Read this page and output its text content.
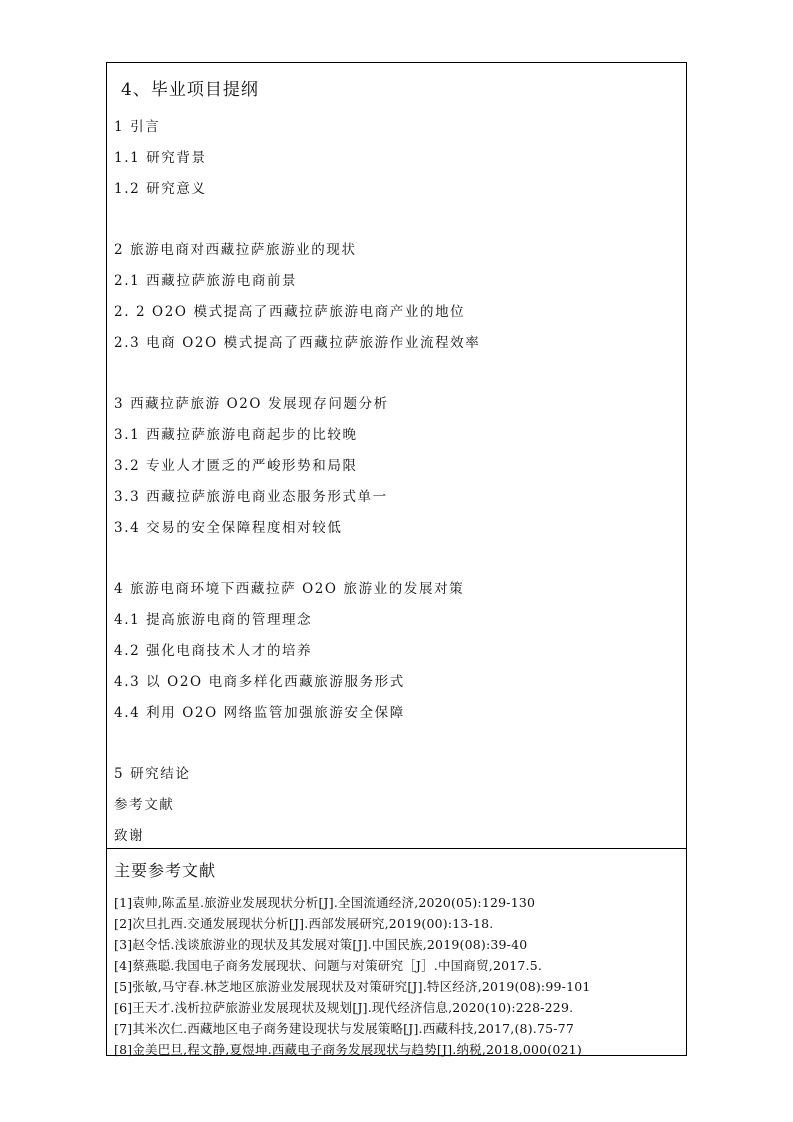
4、毕业项目提纲
1 引言
1.1 研究背景
1.2 研究意义
2 旅游电商对西藏拉萨旅游业的现状
2.1 西藏拉萨旅游电商前景
2. 2 O2O 模式提高了西藏拉萨旅游电商产业的地位
2.3 电商 O2O 模式提高了西藏拉萨旅游作业流程效率
3 西藏拉萨旅游 O2O 发展现存问题分析
3.1 西藏拉萨旅游电商起步的比较晚
3.2 专业人才匮乏的严峻形势和局限
3.3 西藏拉萨旅游电商业态服务形式单一
3.4 交易的安全保障程度相对较低
4 旅游电商环境下西藏拉萨 O2O 旅游业的发展对策
4.1 提高旅游电商的管理理念
4.2 强化电商技术人才的培养
4.3 以 O2O 电商多样化西藏旅游服务形式
4.4 利用 O2O 网络监管加强旅游安全保障
5 研究结论
参考文献
致谢
主要参考文献
[1]袁帅,陈孟星.旅游业发展现状分析[J].全国流通经济,2020(05):129-130
[2]次旦扎西.交通发展现状分析[J].西部发展研究,2019(00):13-18.
[3]赵令恬.浅谈旅游业的现状及其发展对策[J].中国民族,2019(08):39-40
[4]蔡燕聪.我国电子商务发展现状、问题与对策研究［J］.中国商贸,2017.5.
[5]张敏,马守春.林芝地区旅游业发展现状及对策研究[J].特区经济,2019(08):99-101
[6]王天才.浅析拉萨旅游业发展现状及规划[J].现代经济信息,2020(10):228-229.
[7]其米次仁.西藏地区电子商务建设现状与发展策略[J].西藏科技,2017,(8).75-77
[8]金美巴旦,程文静,夏煜坤.西藏电子商务发展现状与趋势[J].纳税,2018,000(021)
